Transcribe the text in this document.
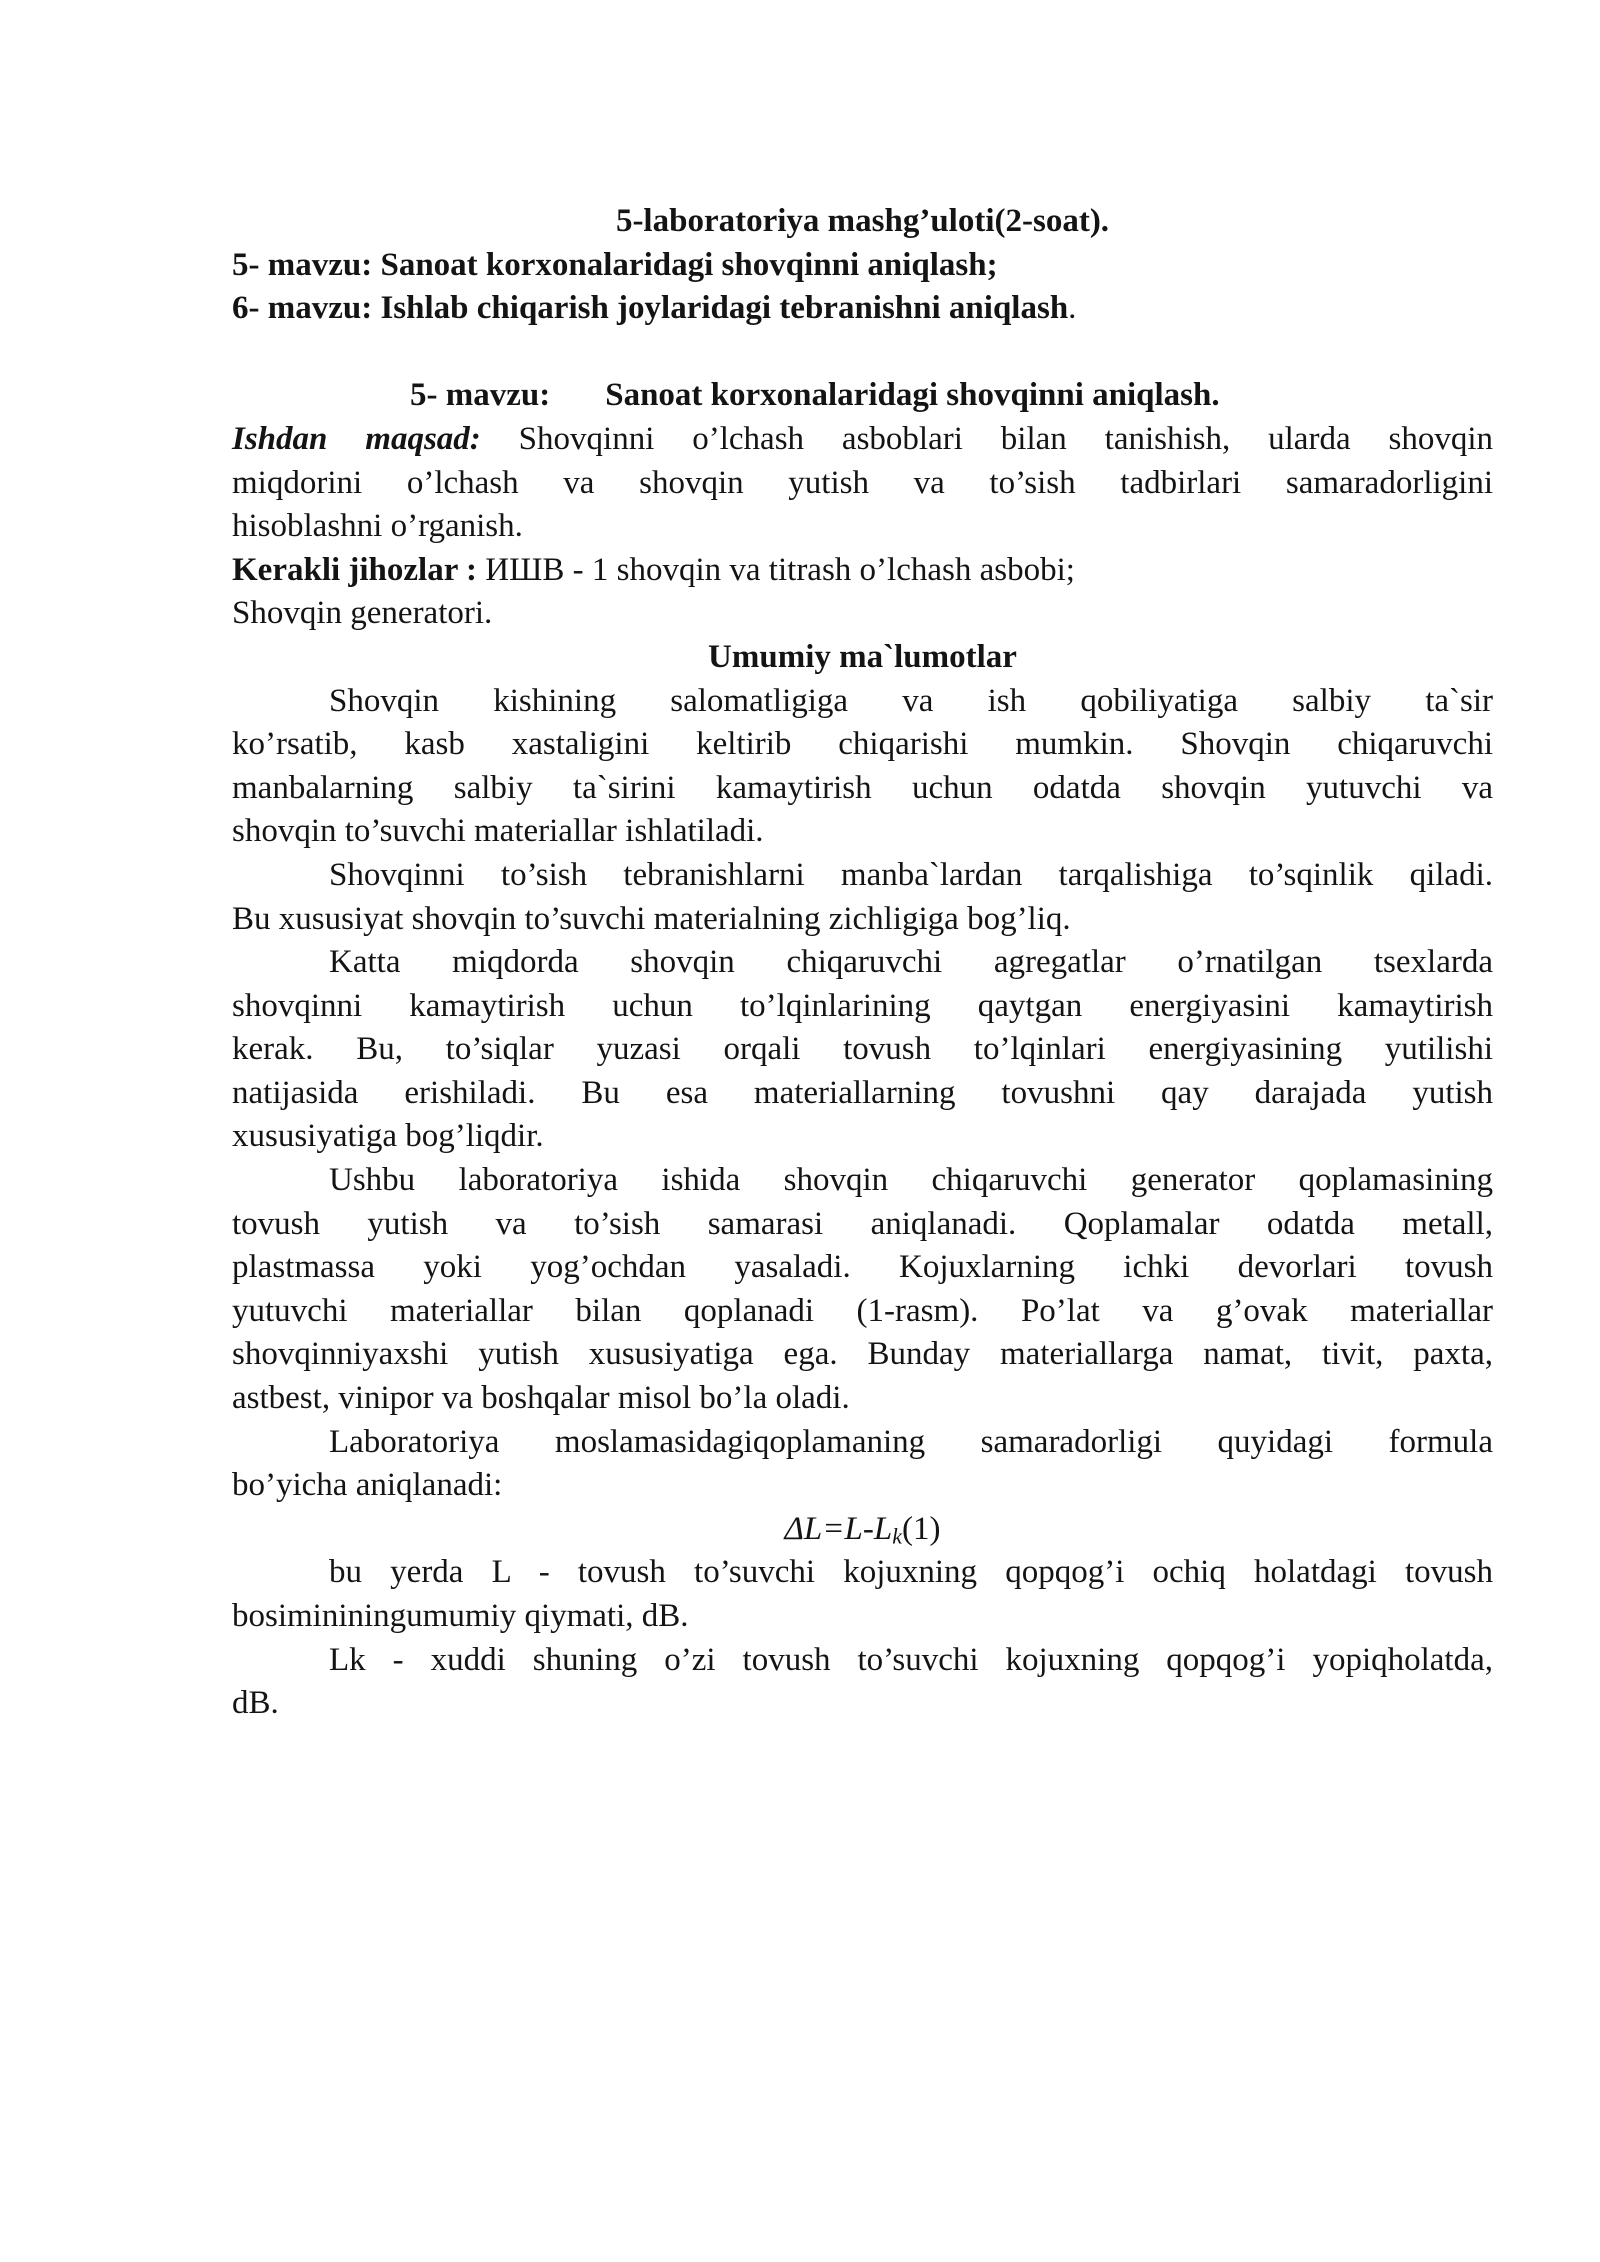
5-laboratoriya mashg’uloti(2-soat).
5- mavzu: Sanoat korxonalaridagi shovqinni aniqlash;
6- mavzu: Ishlab chiqarish joylaridagi tebranishni aniqlash.
5- mavzu: Sanoat korxonalaridagi shovqinni aniqlash.
Ishdan maqsad: Shovqinni o’lchash asboblari bilan tanishish, ularda shovqin
miqdorini o’lchash va shovqin yutish va to’sish tadbirlari samaradorligini
hisoblashni o’rganish.
Kerakli jihozlar : ИШВ - 1 shovqin va titrash o’lchash asbobi;
Shovqin generatori.
Umumiy ma`lumotlar
Shovqin kishining salomatligiga va ish qobiliyatiga salbiy ta`sir
ko’rsatib, kasb xastaligini keltirib chiqarishi mumkin. Shovqin chiqaruvchi
manbalarning salbiy ta`sirini kamaytirish uchun odatda shovqin yutuvchi va
shovqin to’suvchi materiallar ishlatiladi.
Shovqinni to’sish tebranishlarni manba`lardan tarqalishiga to’sqinlik qiladi.
Bu xususiyat shovqin to’suvchi materialning zichligiga bog’liq.
Katta miqdorda shovqin chiqaruvchi agregatlar o’rnatilgan tsexlarda
shovqinni kamaytirish uchun to’lqinlarining qaytgan energiyasini kamaytirish
kerak. Bu, to’siqlar yuzasi orqali tovush to’lqinlari energiyasining yutilishi
natijasida erishiladi. Bu esa materiallarning tovushni qay darajada yutish
xususiyatiga bog’liqdir.
Ushbu laboratoriya ishida shovqin chiqaruvchi generator qoplamasining
tovush yutish va to’sish samarasi aniqlanadi. Qoplamalar odatda metall,
plastmassa yoki yog’ochdan yasaladi. Kojuxlarning ichki devorlari tovush
yutuvchi materiallar bilan qoplanadi (1-rasm). Po’lat va g’ovak materiallar
shovqinniyaxshi yutish xususiyatiga ega. Bunday materiallarga namat, tivit, paxta,
astbest, vinipor va boshqalar misol bo’la oladi.
Laboratoriya moslamasidagiqoplamaning samaradorligi quyidagi formula
bo’yicha aniqlanadi:
$\Delta L=L-L_k(1)$
bu yerda L - tovush to’suvchi kojuxning qopqog’i ochiq holatdagi tovush
bosimininingumumiy qiymati, dB.
Lk - xuddi shuning o’zi tovush to’suvchi kojuxning qopqog’i yopiqholatda,
dB.
